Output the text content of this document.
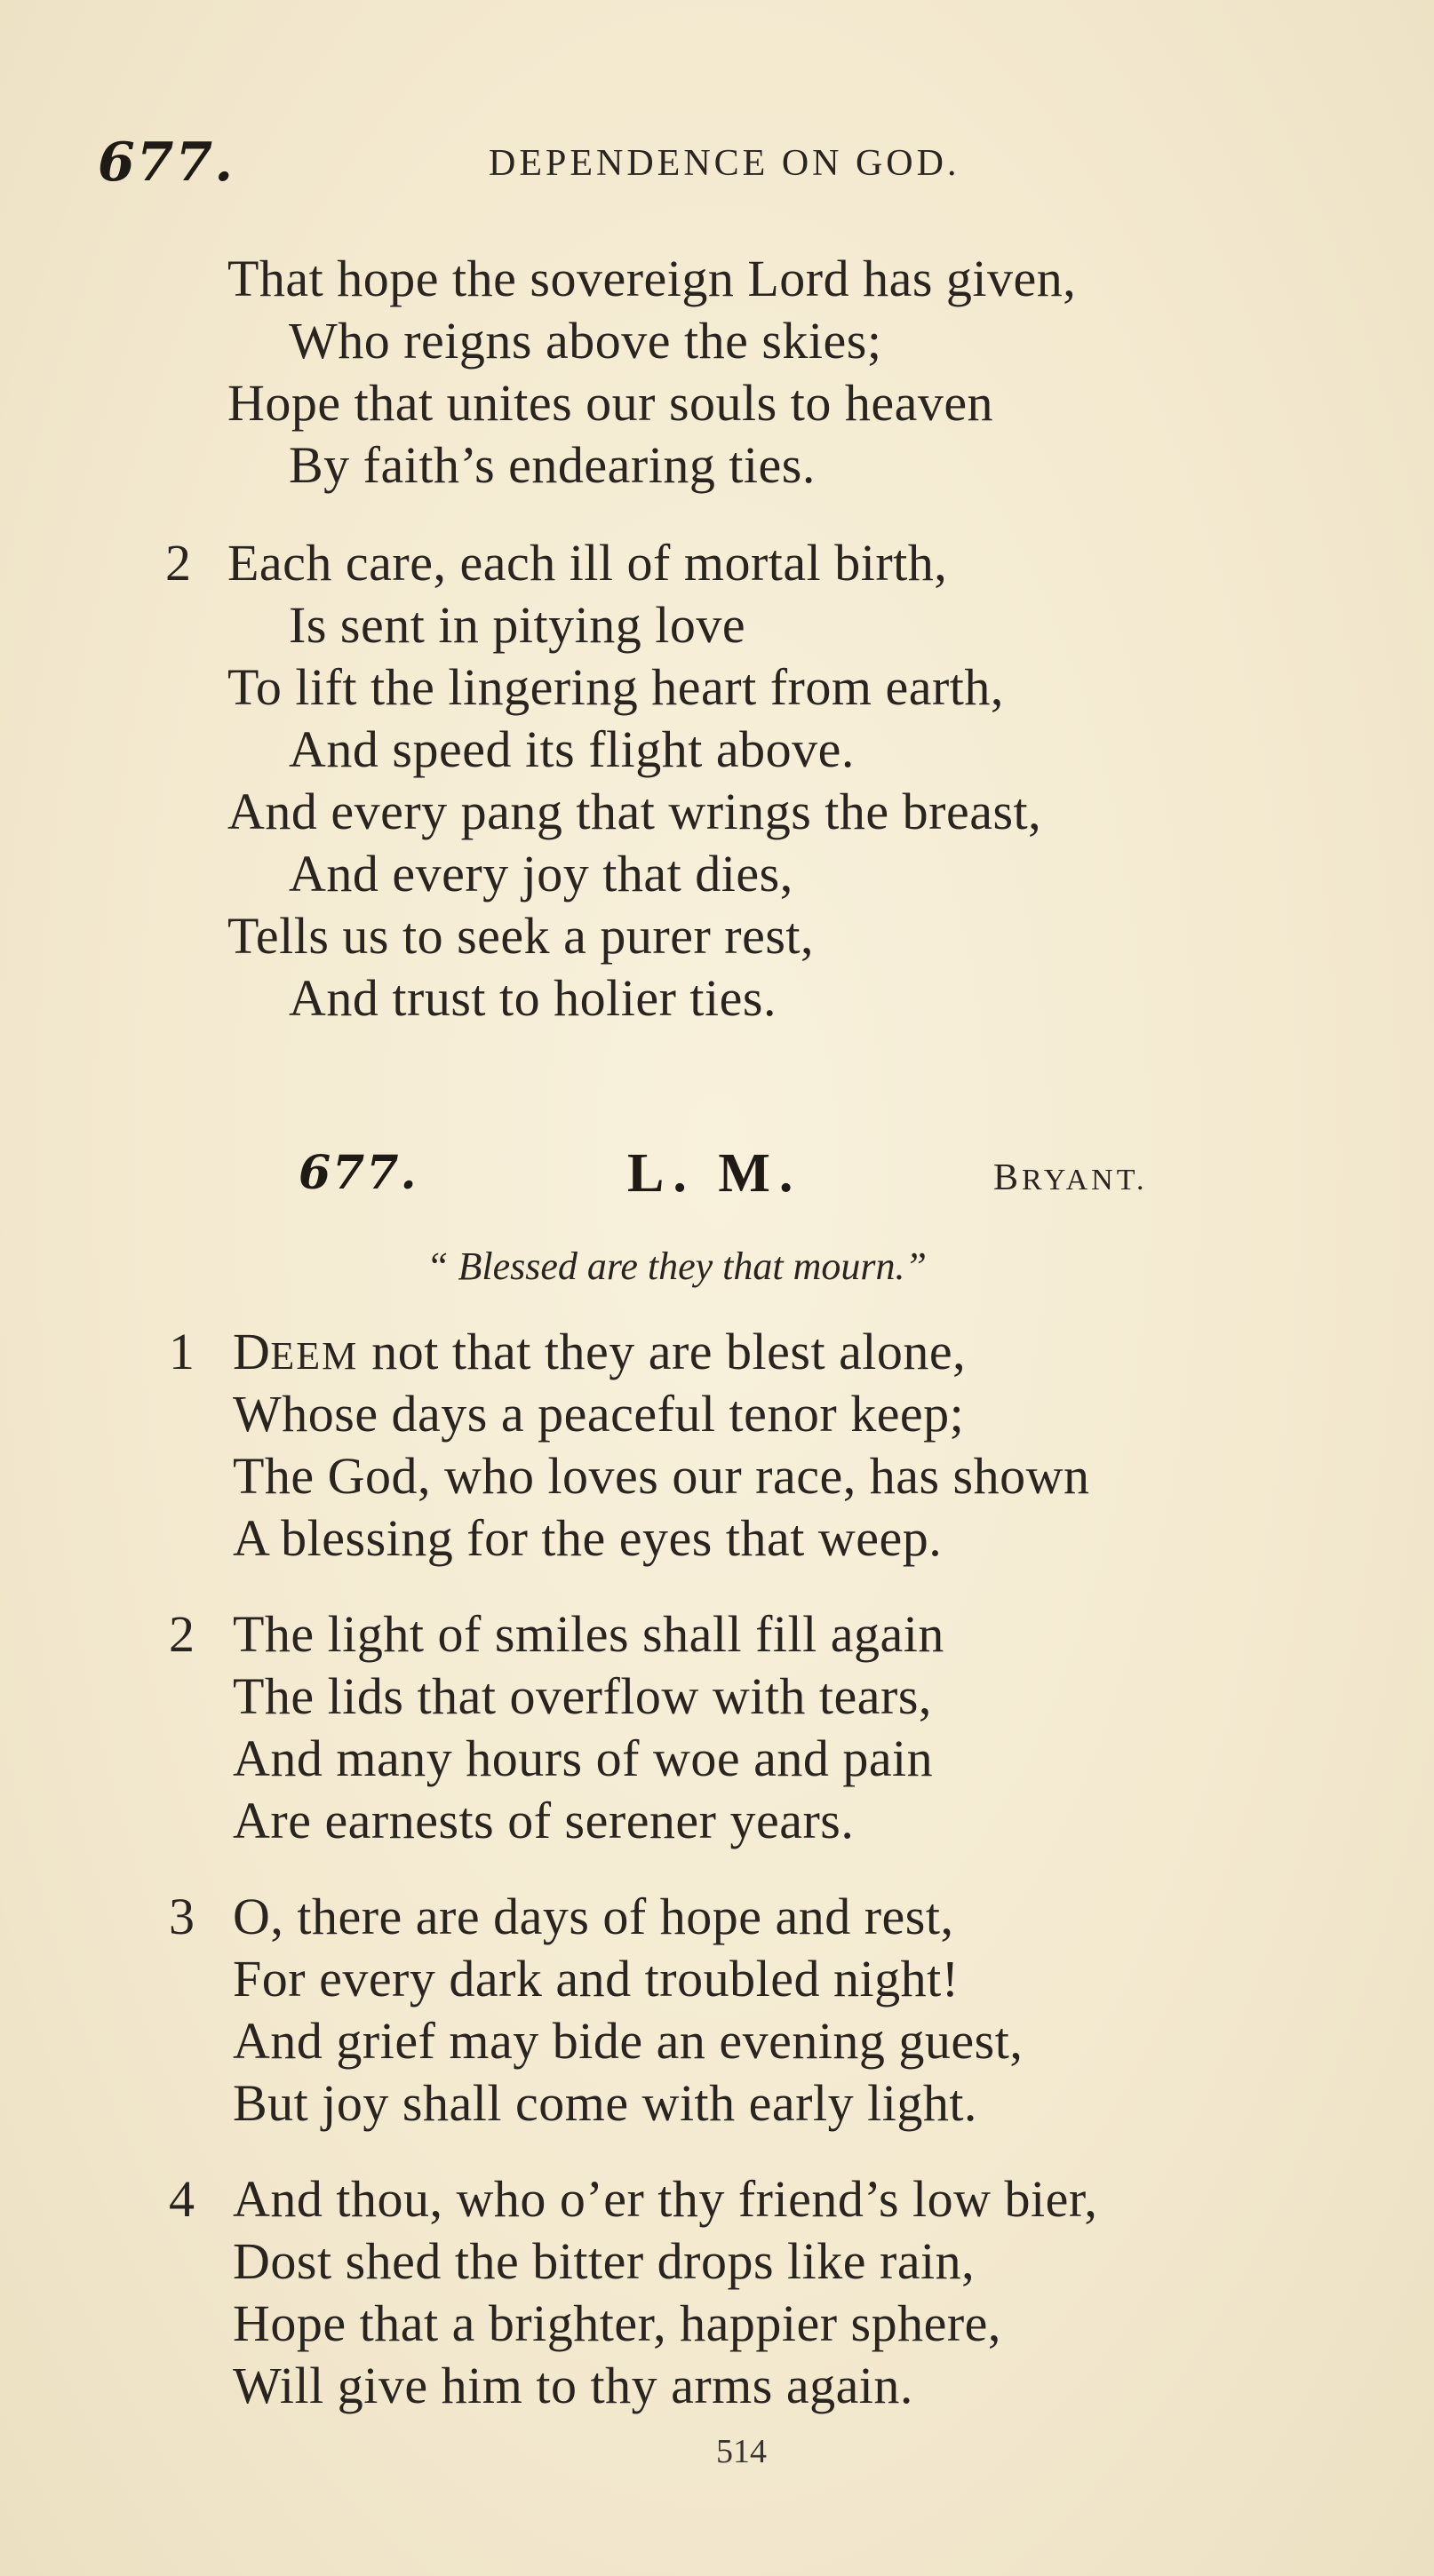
677.	DEPENDENCE ON GOD.
That hope the sovereign Lord has given,
Who reigns above the skies;
Hope that unites our souls to heaven
By faith’s endearing ties.
2 Each care, each ill of mortal birth,
Is sent in pitying love
To lift the lingering heart from earth,
And speed its flight above.
And every pang that wrings the breast,
And every joy that dies,
Tells us to seek a purer rest,
And trust to holier ties.
677.	L. M.	BRYANT.
“ Blessed are they that mourn.”
1 DEEM not that they are blest alone,
Whose days a peaceful tenor keep;
The God, who loves our race, has shown
A blessing for the eyes that weep.
2 The light of smiles shall fill again
The lids that overflow with tears,
And many hours of woe and pain
Are earnests of serener years.
3 O, there are days of hope and rest,
For every dark and troubled night!
And grief may bide an evening guest,
But joy shall come with early light.
4 And thou, who o’er thy friend’s low bier,
Dost shed the bitter drops like rain,
Hope that a brighter, happier sphere,
Will give him to thy arms again.
514
